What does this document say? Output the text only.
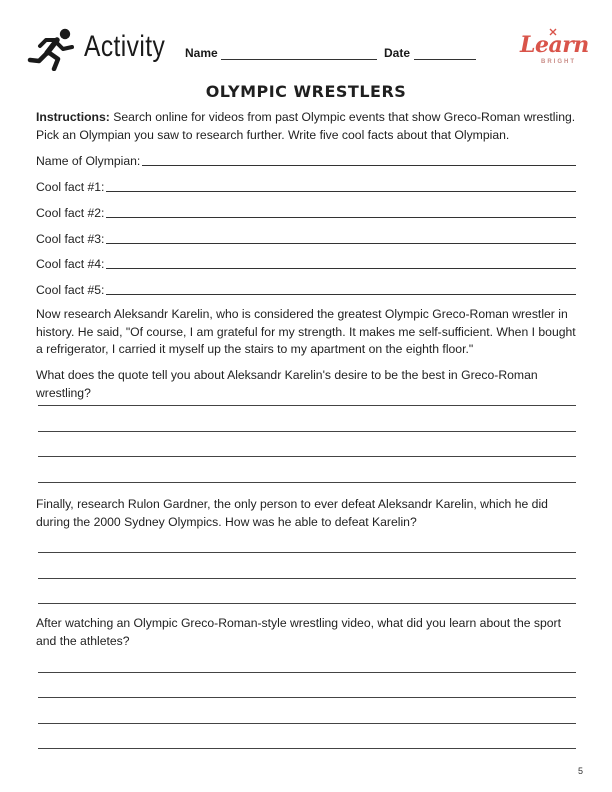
Activity Name	Date	Learn
BRIGHT
OLYMPIC WRESTLERS
Instructions: Search online for videos from past Olympic events that show Greco-Roman wrestling. Pick an Olympian you saw to research further. Write five cool facts about that Olympian.
Name of Olympian:
Cool fact #1:
Cool fact #2:
Cool fact #3:
Cool fact #4:
Cool fact #5:
Now research Aleksandr Karelin, who is considered the greatest Olympic Greco-Roman wrestler in history. He said, "Of course, I am grateful for my strength. It makes me self-sufficient. When I bought a refrigerator, I carried it myself up the stairs to my apartment on the eighth floor."
What does the quote tell you about Aleksandr Karelin's desire to be the best in Greco-Roman wrestling?
Finally, research Rulon Gardner, the only person to ever defeat Aleksandr Karelin, which he did during the 2000 Sydney Olympics. How was he able to defeat Karelin?
After watching an Olympic Greco-Roman-style wrestling video, what did you learn about the sport and the athletes?
5
